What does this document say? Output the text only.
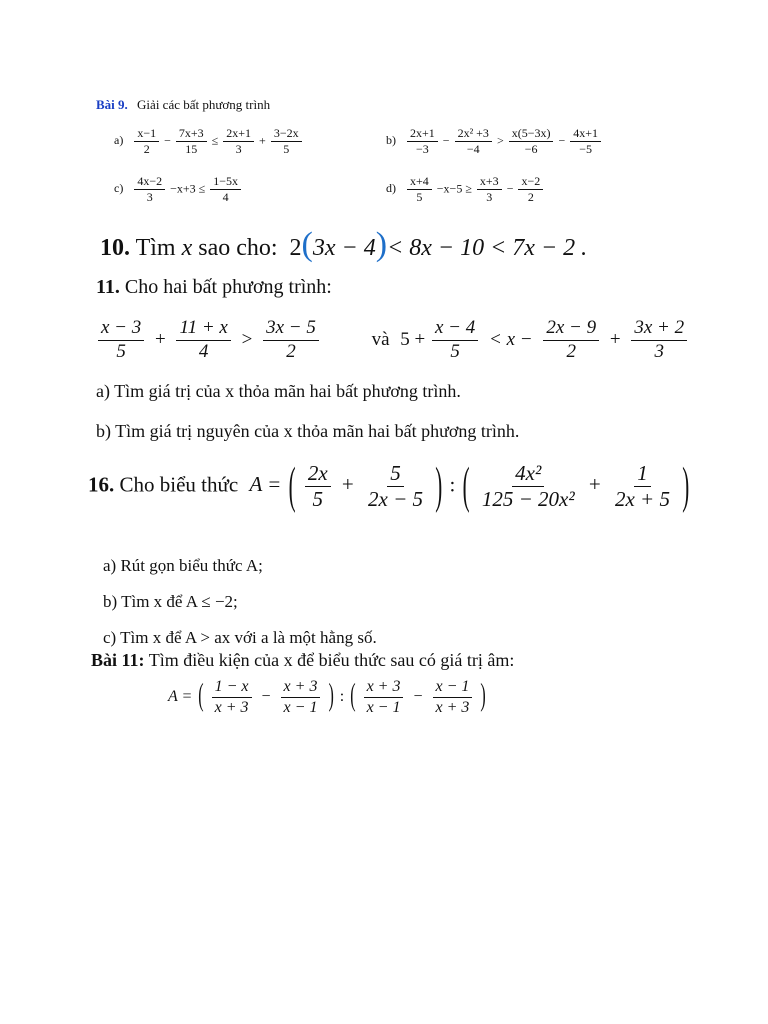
Bài 9. Giải các bất phương trình
$a) \frac{x-1}{2} - \frac{7x+3}{15} \le \frac{2x+1}{3} + \frac{3-2x}{5}$	$b) \frac{2x+1}{-3} - \frac{\text{2x² +3}}{-4} > \frac{x(5-3x)}{-6} - \frac{4x+1}{-5}$
$c) \frac{4x-2}{3} -x+3 \le \frac{1-5x}{4}$	$d) \frac{x+4}{5} -x-5 \ge \frac{x+3}{3} - \frac{x-2}{2}$
10. Tìm x sao cho: 2(3x − 4)< 8x − 10 < 7x − 2 .
11. Cho hai bất phương trình:
$\frac{x - 3}{5} + \frac{11 + x}{4} > \frac{3x - 5}{2}$	và $5 + \frac{x - 4}{5} < x - \frac{2x - 9}{2} + \frac{3x + 2}{3}$
a) Tìm giá trị của x thỏa mãn hai bất phương trình.
b) Tìm giá trị nguyên của x thỏa mãn hai bất phương trình.
16. Cho biểu thức A = ( $\frac{2x}{5} + \frac{5}{2x - 5}$ ) : ( $\frac{\text{4x²}}{\text{125 − 20x²}} + \frac{1}{2x + 5}$ )
a) Rút gọn biểu thức A;
b) Tìm x để A ≤ −2;
c) Tìm x để A > ax với a là một hằng số.
Bài 11: Tìm điều kiện của x để biểu thức sau có giá trị âm:
A = ( $\frac{1 - x}{x + 3} - \frac{x + 3}{x - 1}$ ) : ( $\frac{x + 3}{x - 1} - \frac{x - 1}{x + 3}$ )
